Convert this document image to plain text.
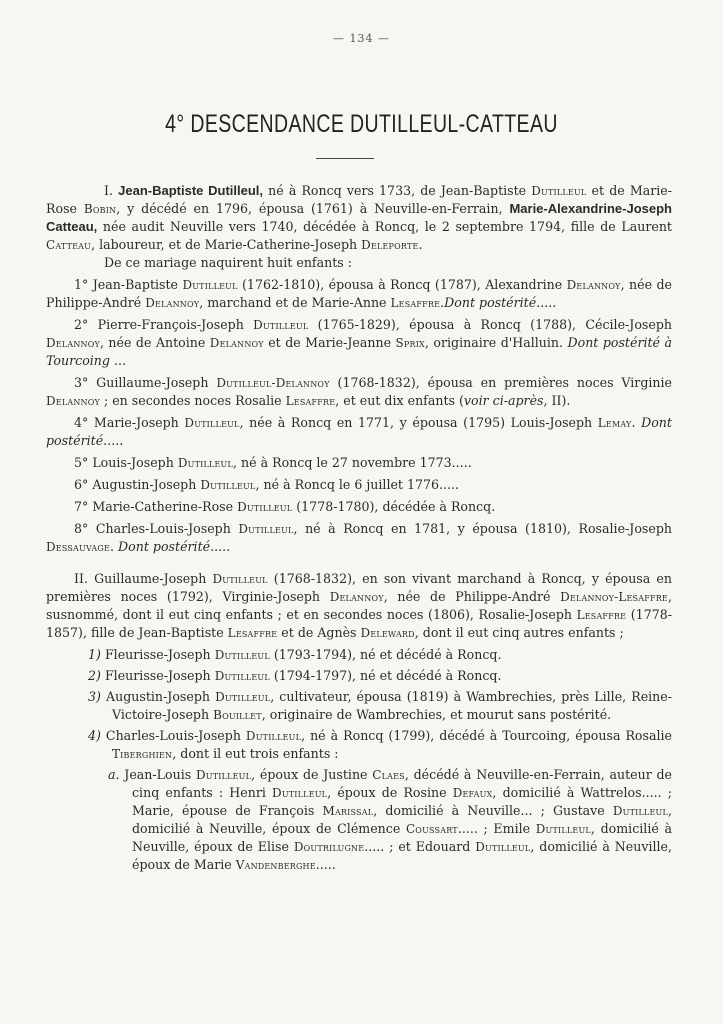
— 134 —
4° DESCENDANCE DUTILLEUL-CATTEAU

I. Jean-Baptiste Dutilleul, né à Roncq vers 1733, de Jean-Baptiste Dutilleul et de Marie-Rose Bobin, y décédé en 1796, épousa (1761) à Neuville-en-Ferrain, Marie-Alexandrine-Joseph Catteau, née audit Neuville vers 1740, décédée à Roncq, le 2 septembre 1794, fille de Laurent Catteau, laboureur, et de Marie-Catherine-Joseph Deleporte.

De ce mariage naquirent huit enfants :

1° Jean-Baptiste Dutilleul (1762-1810), épousa à Roncq (1787), Alexandrine Delannoy, née de Philippe-André Delannoy, marchand et de Marie-Anne Lesaffre.Dont postérité.....

2° Pierre-François-Joseph Dutilleul (1765-1829), épousa à Roncq (1788), Cécile-Joseph Delannoy, née de Antoine Delannoy et de Marie-Jeanne Sprix, originaire d'Halluin. Dont postérité à Tourcoing ...

3° Guillaume-Joseph Dutilleul-Delannoy (1768-1832), épousa en premières noces Virginie Delannoy ; en secondes noces Rosalie Lesaffre, et eut dix enfants (voir ci-après, II).

4° Marie-Joseph Dutilleul, née à Roncq en 1771, y épousa (1795) Louis-Joseph Lemay. Dont postérité.....

5° Louis-Joseph Dutilleul, né à Roncq le 27 novembre 1773.....

6° Augustin-Joseph Dutilleul, né à Roncq le 6 juillet 1776.....

7° Marie-Catherine-Rose Dutilleul (1778-1780), décédée à Roncq.

8° Charles-Louis-Joseph Dutilleul, né à Roncq en 1781, y épousa (1810), Rosalie-Joseph Dessauvage. Dont postérité.....

II. Guillaume-Joseph Dutilleul (1768-1832), en son vivant marchand à Roncq, y épousa en premières noces (1792), Virginie-Joseph Delannoy, née de Philippe-André Delannoy-Lesaffre, susnommé, dont il eut cinq enfants ; et en secondes noces (1806), Rosalie-Joseph Lesaffre (1778-1857), fille de Jean-Baptiste Lesaffre et de Agnès Deleward, dont il eut cinq autres enfants ;

1) Fleurisse-Joseph Dutilleul (1793-1794), né et décédé à Roncq.

2) Fleurisse-Joseph Dutilleul (1794-1797), né et décédé à Roncq.

3) Augustin-Joseph Dutilleul, cultivateur, épousa (1819) à Wambrechies, près Lille, Reine-Victoire-Joseph Bouillet, originaire de Wambrechies, et mourut sans postérité.

4) Charles-Louis-Joseph Dutilleul, né à Roncq (1799), décédé à Tourcoing, épousa Rosalie Tiberghien, dont il eut trois enfants :

a. Jean-Louis Dutilleul, époux de Justine Claes, décédé à Neuville-en-Ferrain, auteur de cinq enfants : Henri Dutilleul, époux de Rosine Defaux, domicilié à Wattrelos..... ; Marie, épouse de François Marissal, domicilié à Neuville... ; Gustave Dutilleul, domicilié à Neuville, époux de Clémence Coussart..... ; Emile Dutilleul, domicilié à Neuville, époux de Elise Doutrilugne..... ; et Edouard Dutilleul, domicilié à Neuville, époux de Marie Vandenberghe.....
